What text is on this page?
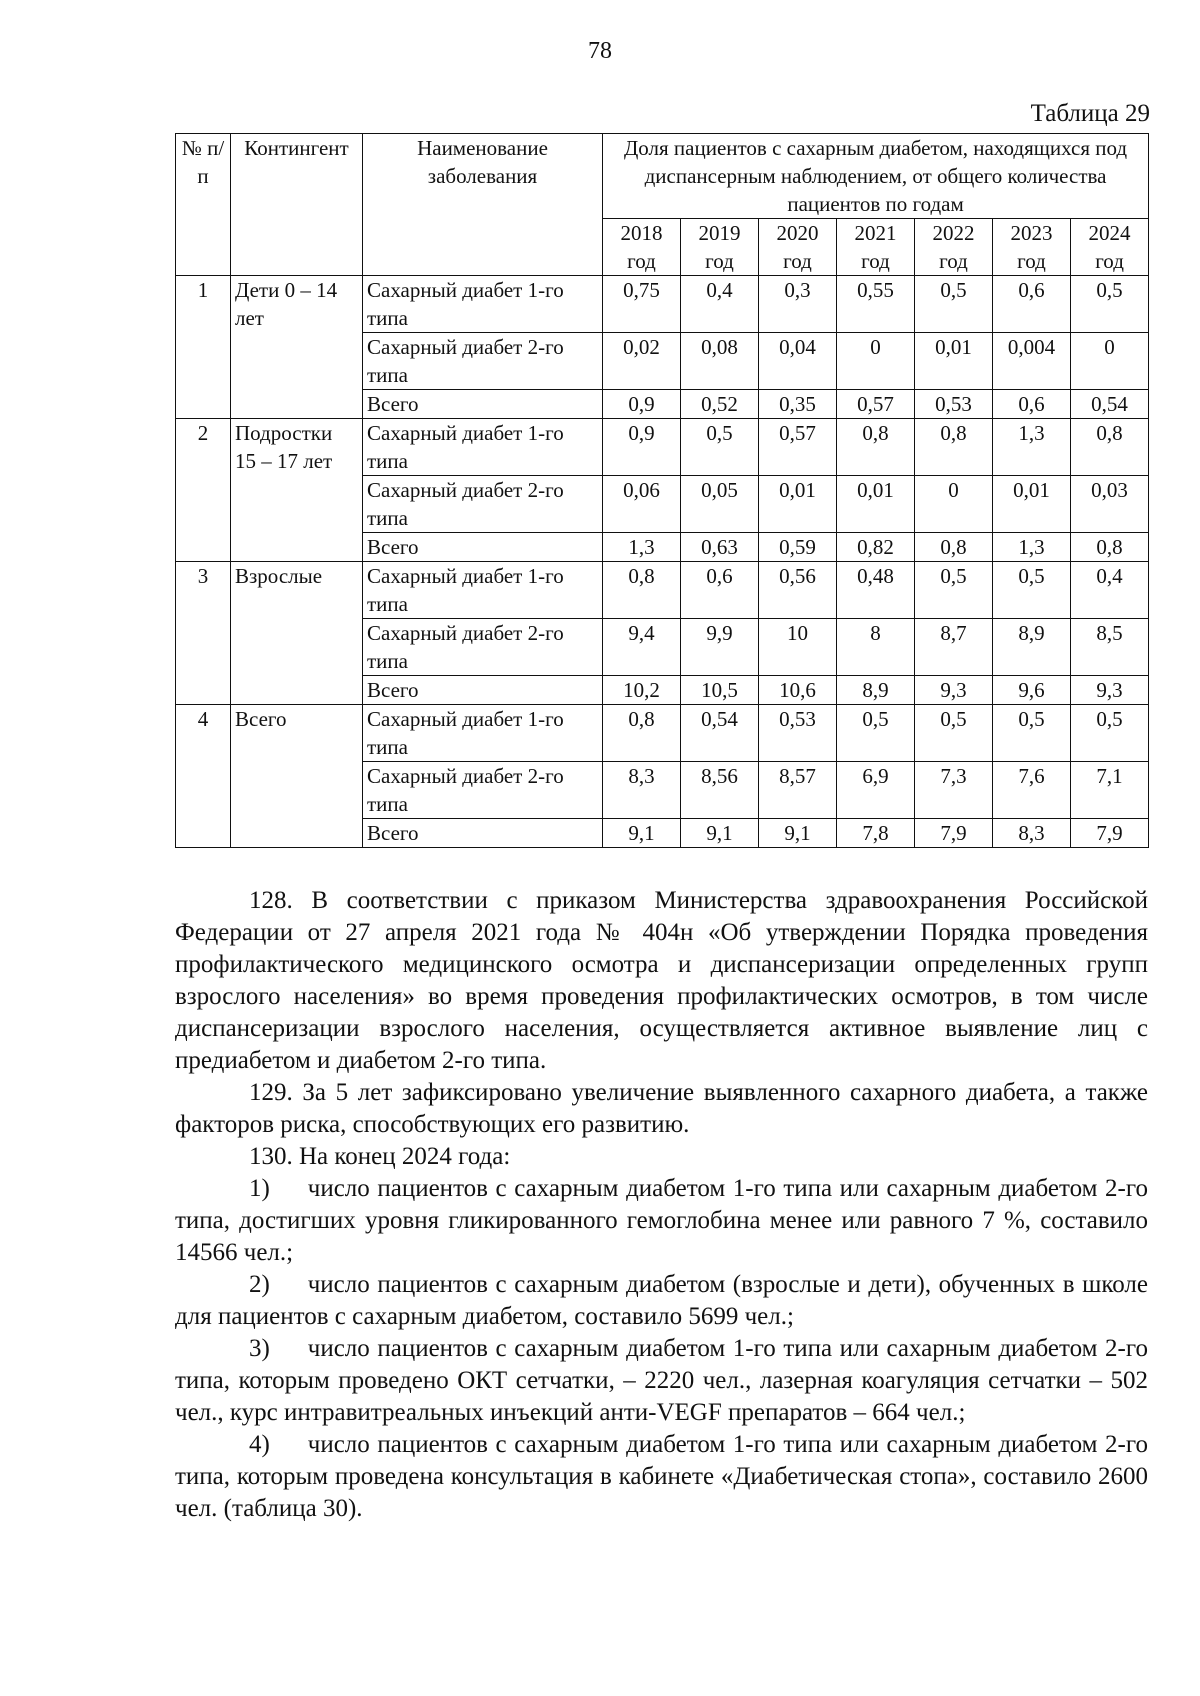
78
Таблица 29
№ п/п	Контингент	Наименование заболевания	Доля пациентов с сахарным диабетом, находящихся под диспансерным наблюдением, от общего количества пациентов по годам						
			2018 год	2019 год	2020 год	2021 год	2022 год	2023 год	2024 год
1	Дети 0 – 14 лет	Сахарный диабет 1-го типа	0,75	0,4	0,3	0,55	0,5	0,6	0,5
		Сахарный диабет 2-го типа	0,02	0,08	0,04	0	0,01	0,004	0
		Всего	0,9	0,52	0,35	0,57	0,53	0,6	0,54
2	Подростки 15 – 17 лет	Сахарный диабет 1-го типа	0,9	0,5	0,57	0,8	0,8	1,3	0,8
		Сахарный диабет 2-го типа	0,06	0,05	0,01	0,01	0	0,01	0,03
		Всего	1,3	0,63	0,59	0,82	0,8	1,3	0,8
3	Взрослые	Сахарный диабет 1-го типа	0,8	0,6	0,56	0,48	0,5	0,5	0,4
		Сахарный диабет 2-го типа	9,4	9,9	10	8	8,7	8,9	8,5
		Всего	10,2	10,5	10,6	8,9	9,3	9,6	9,3
4	Всего	Сахарный диабет 1-го типа	0,8	0,54	0,53	0,5	0,5	0,5	0,5
		Сахарный диабет 2-го типа	8,3	8,56	8,57	6,9	7,3	7,6	7,1
		Всего	9,1	9,1	9,1	7,8	7,9	8,3	7,9

128. В соответствии с приказом Министерства здравоохранения Российской Федерации от 27 апреля 2021 года № 404н «Об утверждении Порядка проведения профилактического медицинского осмотра и диспансеризации определенных групп взрослого населения» во время проведения профилактических осмотров, в том числе диспансеризации взрослого населения, осуществляется активное выявление лиц с предиабетом и диабетом 2-го типа.

129. За 5 лет зафиксировано увеличение выявленного сахарного диабета, а также факторов риска, способствующих его развитию.

130. На конец 2024 года:

1) число пациентов с сахарным диабетом 1-го типа или сахарным диабетом 2-го типа, достигших уровня гликированного гемоглобина менее или равного 7 %, составило 14566 чел.;

2) число пациентов с сахарным диабетом (взрослые и дети), обученных в школе для пациентов с сахарным диабетом, составило 5699 чел.;

3) число пациентов с сахарным диабетом 1-го типа или сахарным диабетом 2-го типа, которым проведено ОКТ сетчатки, – 2220 чел., лазерная коагуляция сетчатки – 502 чел., курс интравитреальных инъекций анти-VEGF препаратов – 664 чел.;

4) число пациентов с сахарным диабетом 1-го типа или сахарным диабетом 2-го типа, которым проведена консультация в кабинете «Диабетическая стопа», составило 2600 чел. (таблица 30).
